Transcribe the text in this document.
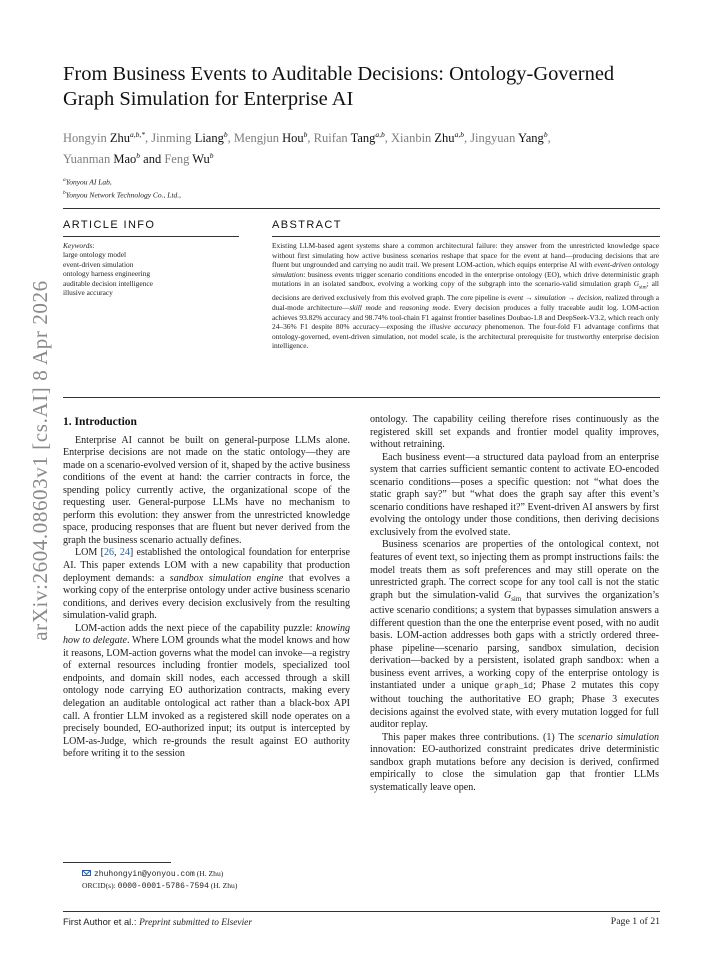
arXiv:2604.08603v1 [cs.AI] 8 Apr 2026
From Business Events to Auditable Decisions: Ontology-Governed Graph Simulation for Enterprise AI
Hongyin Zhu$^{a,b,*}$, Jinming Liang$^b$, Mengjun Hou$^b$, Ruifan Tang$^{a,b}$, Xianbin Zhu$^{a,b}$, Jingyuan Yang$^b$,
Yuanman Mao$^b$ and Feng Wu$^b$
$^a$Yonyou AI Lab,
$^b$Yonyou Network Technology Co., Ltd.,
ARTICLE INFO	ABSTRACT
Keywords:
large ontology model
event-driven simulation
ontology harness engineering
auditable decision intelligence
illusive accuracy
Existing LLM-based agent systems share a common architectural failure: they answer from the unrestricted knowledge space without first simulating how active business scenarios reshape that space for the event at hand—producing decisions that are fluent but ungrounded and carrying no audit trail. We present LOM-action, which equips enterprise AI with event-driven ontology simulation: business events trigger scenario conditions encoded in the enterprise ontology (EO), which drive deterministic graph mutations in an isolated sandbox, evolving a working copy of the subgraph into the scenario-valid simulation graph $G_{sim}$; all decisions are derived exclusively from this evolved graph. The core pipeline is event → simulation → decision, realized through a dual-mode architecture—skill mode and reasoning mode. Every decision produces a fully traceable audit log. LOM-action achieves 93.82% accuracy and 98.74% tool-chain F1 against frontier baselines Doubao-1.8 and DeepSeek-V3.2, which reach only 24–36% F1 despite 80% accuracy—exposing the illusive accuracy phenomenon. The four-fold F1 advantage confirms that ontology-governed, event-driven simulation, not model scale, is the architectural prerequisite for trustworthy enterprise decision intelligence.
1. Introduction

Enterprise AI cannot be built on general-purpose LLMs alone. Enterprise decisions are not made on the static ontology—they are made on a scenario-evolved version of it, shaped by the active business conditions of the event at hand: the carrier contracts in force, the spending policy currently active, the organizational scope of the requesting user. General-purpose LLMs have no mechanism to perform this evolution: they answer from the unrestricted knowledge space, producing responses that are fluent but never derived from the graph the business scenario actually defines.

LOM [26, 24] established the ontological foundation for enterprise AI. This paper extends LOM with a new capability that production deployment demands: a sandbox simulation engine that evolves a working copy of the enterprise ontology under active business scenario conditions, and derives every decision exclusively from the resulting simulation-valid graph.

LOM-action adds the next piece of the capability puzzle: knowing how to delegate. Where LOM grounds what the model knows and how it reasons, LOM-action governs what the model can invoke—a registry of external resources including frontier models, specialized tool endpoints, and domain skill nodes, each accessed through a skill ontology node carrying EO authorization contracts, making every delegation an auditable ontological act rather than a black-box API call. A frontier LLM invoked as a registered skill node operates on a precisely bounded, EO-authorized input; its output is intercepted by LOM-as-Judge, which re-grounds the result against EO authority before writing it to the session

ontology. The capability ceiling therefore rises continuously as the registered skill set expands and frontier model quality improves, without retraining.

Each business event—a structured data payload from an enterprise system that carries sufficient semantic content to activate EO-encoded scenario conditions—poses a specific question: not “what does the static graph say?” but “what does the graph say after this event’s scenario conditions have reshaped it?” Event-driven AI answers by first evolving the ontology under those conditions, then deriving decisions exclusively from the evolved state.

Business scenarios are properties of the ontological context, not features of event text, so injecting them as prompt instructions fails: the model treats them as soft preferences and may still operate on the unrestricted graph. The correct scope for any tool call is not the static graph but the simulation-valid $G_{sim}$ that survives the organization’s active scenario conditions; a system that bypasses simulation answers a different question than the one the enterprise event posed, with no audit basis. LOM-action addresses both gaps with a strictly ordered three-phase pipeline—scenario parsing, sandbox simulation, decision derivation—backed by a persistent, isolated graph sandbox: when a business event arrives, a working copy of the enterprise ontology is instantiated under a unique graph_id; Phase 2 mutates this copy without touching the authoritative EO graph; Phase 3 executes decisions against the evolved state, with every mutation logged for full auditor replay.

This paper makes three contributions. (1) The scenario simulation innovation: EO-authorized constraint predicates drive deterministic sandbox graph mutations before any decision is derived, confirmed empirically to close the simulation gap that frontier LLMs systematically leave open.

zhuhongyin@yonyou.com (H. Zhu)
ORCID(s): 0000-0001-5786-7594 (H. Zhu)
First Author et al.: Preprint submitted to Elsevier	Page 1 of 21
